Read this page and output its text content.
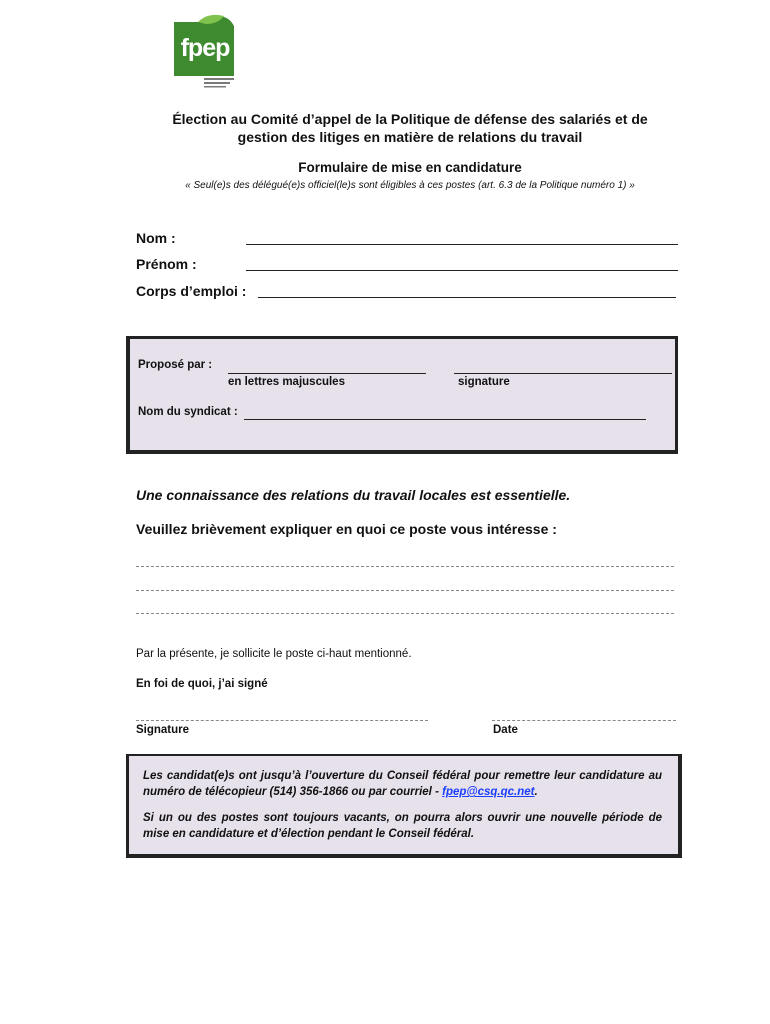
fpep
Élection au Comité d’appel de la Politique de défense des salariés et de
gestion des litiges en matière de relations du travail
Formulaire de mise en candidature
« Seul(e)s des délégué(e)s officiel(le)s sont éligibles à ces postes (art. 6.3 de la Politique numéro 1) »
Nom :
Prénom :
Corps d’emploi :
Proposé par :
en lettres majuscules	signature
Nom du syndicat :
Une connaissance des relations du travail locales est essentielle.
Veuillez brièvement expliquer en quoi ce poste vous intéresse :
Par la présente, je sollicite le poste ci-haut mentionné.
En foi de quoi, j’ai signé
Signature	Date

Les candidat(e)s ont jusqu’à l’ouverture du Conseil fédéral pour remettre leur candidature au numéro de télécopieur (514) 356-1866 ou par courriel - fpep@csq.qc.net.

Si un ou des postes sont toujours vacants, on pourra alors ouvrir une nouvelle période de mise en candidature et d’élection pendant le Conseil fédéral.
